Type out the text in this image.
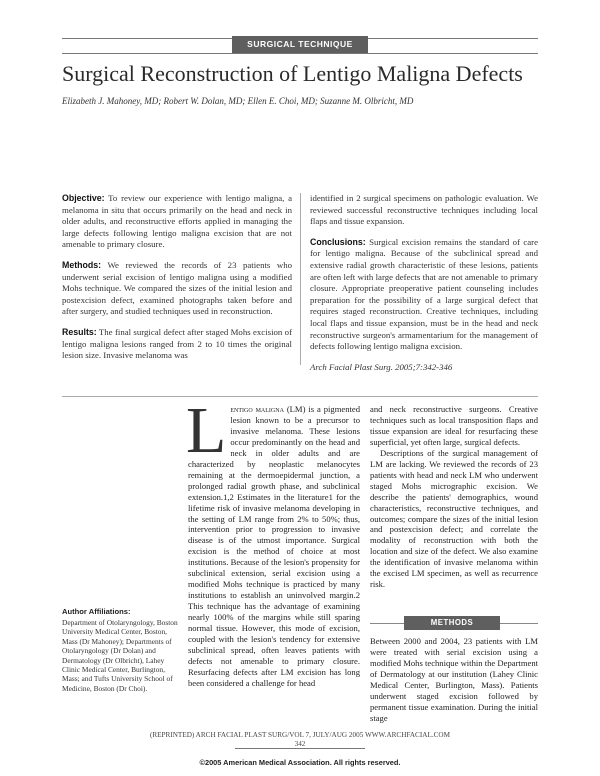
SURGICAL TECHNIQUE
Surgical Reconstruction of Lentigo Maligna Defects
Elizabeth J. Mahoney, MD; Robert W. Dolan, MD; Ellen E. Choi, MD; Suzanne M. Olbricht, MD

Objective: To review our experience with lentigo maligna, a melanoma in situ that occurs primarily on the head and neck in older adults, and reconstructive efforts applied in managing the large defects following lentigo maligna excision that are not amenable to primary closure.

Methods: We reviewed the records of 23 patients who underwent serial excision of lentigo maligna using a modified Mohs technique. We compared the sizes of the initial lesion and postexcision defect, examined photographs taken before and after surgery, and studied techniques used in reconstruction.

Results: The final surgical defect after staged Mohs excision of lentigo maligna lesions ranged from 2 to 10 times the original lesion size. Invasive melanoma was

identified in 2 surgical specimens on pathologic evaluation. We reviewed successful reconstructive techniques including local flaps and tissue expansion.

Conclusions: Surgical excision remains the standard of care for lentigo maligna. Because of the subclinical spread and extensive radial growth characteristic of these lesions, patients are often left with large defects that are not amenable to primary closure. Appropriate preoperative patient counseling includes preparation for the possibility of a large surgical defect that requires staged reconstruction. Creative techniques, including local flaps and tissue expansion, must be in the head and neck reconstructive surgeon's armamentarium for the management of defects following lentigo maligna excision.

Arch Facial Plast Surg. 2005;7:342-346

Lentigo maligna (LM) is a pigmented lesion known to be a precursor to invasive melanoma. These lesions occur predominantly on the head and neck in older adults and are characterized by neoplastic melanocytes remaining at the dermoepidermal junction, a prolonged radial growth phase, and subclinical extension.1,2 Estimates in the literature1 for the lifetime risk of invasive melanoma developing in the setting of LM range from 2% to 50%; thus, intervention prior to progression to invasive disease is of the utmost importance. Surgical excision is the method of choice at most institutions. Because of the lesion's propensity for subclinical extension, serial excision using a modified Mohs technique is practiced by many institutions to establish an uninvolved margin.2 This technique has the advantage of examining nearly 100% of the margins while still sparing normal tissue. However, this mode of excision, coupled with the lesion's tendency for extensive subclinical spread, often leaves patients with defects not amenable to primary closure. Resurfacing defects after LM excision has long been considered a challenge for head

and neck reconstructive surgeons. Creative techniques such as local transposition flaps and tissue expansion are ideal for resurfacing these superficial, yet often large, surgical defects.

Descriptions of the surgical management of LM are lacking. We reviewed the records of 23 patients with head and neck LM who underwent staged Mohs micrographic excision. We describe the patients' demographics, wound characteristics, reconstructive techniques, and outcomes; compare the sizes of the initial lesion and postexcision defect; and correlate the modality of reconstruction with both the location and size of the defect. We also examine the identification of invasive melanoma within the excised LM specimen, as well as recurrence risk.

METHODS

Between 2000 and 2004, 23 patients with LM were treated with serial excision using a modified Mohs technique within the Department of Dermatology at our institution (Lahey Clinic Medical Center, Burlington, Mass). Patients underwent staged excision followed by permanent tissue examination. During the initial stage

Author Affiliations:
Department of Otolaryngology, Boston University Medical Center, Boston, Mass (Dr Mahoney); Departments of Otolaryngology (Dr Dolan) and Dermatology (Dr Olbricht), Lahey Clinic Medical Center, Burlington, Mass; and Tufts University School of Medicine, Boston (Dr Choi).
(REPRINTED) ARCH FACIAL PLAST SURG/VOL 7, JULY/AUG 2005 WWW.ARCHFACIAL.COM
342
©2005 American Medical Association. All rights reserved.
